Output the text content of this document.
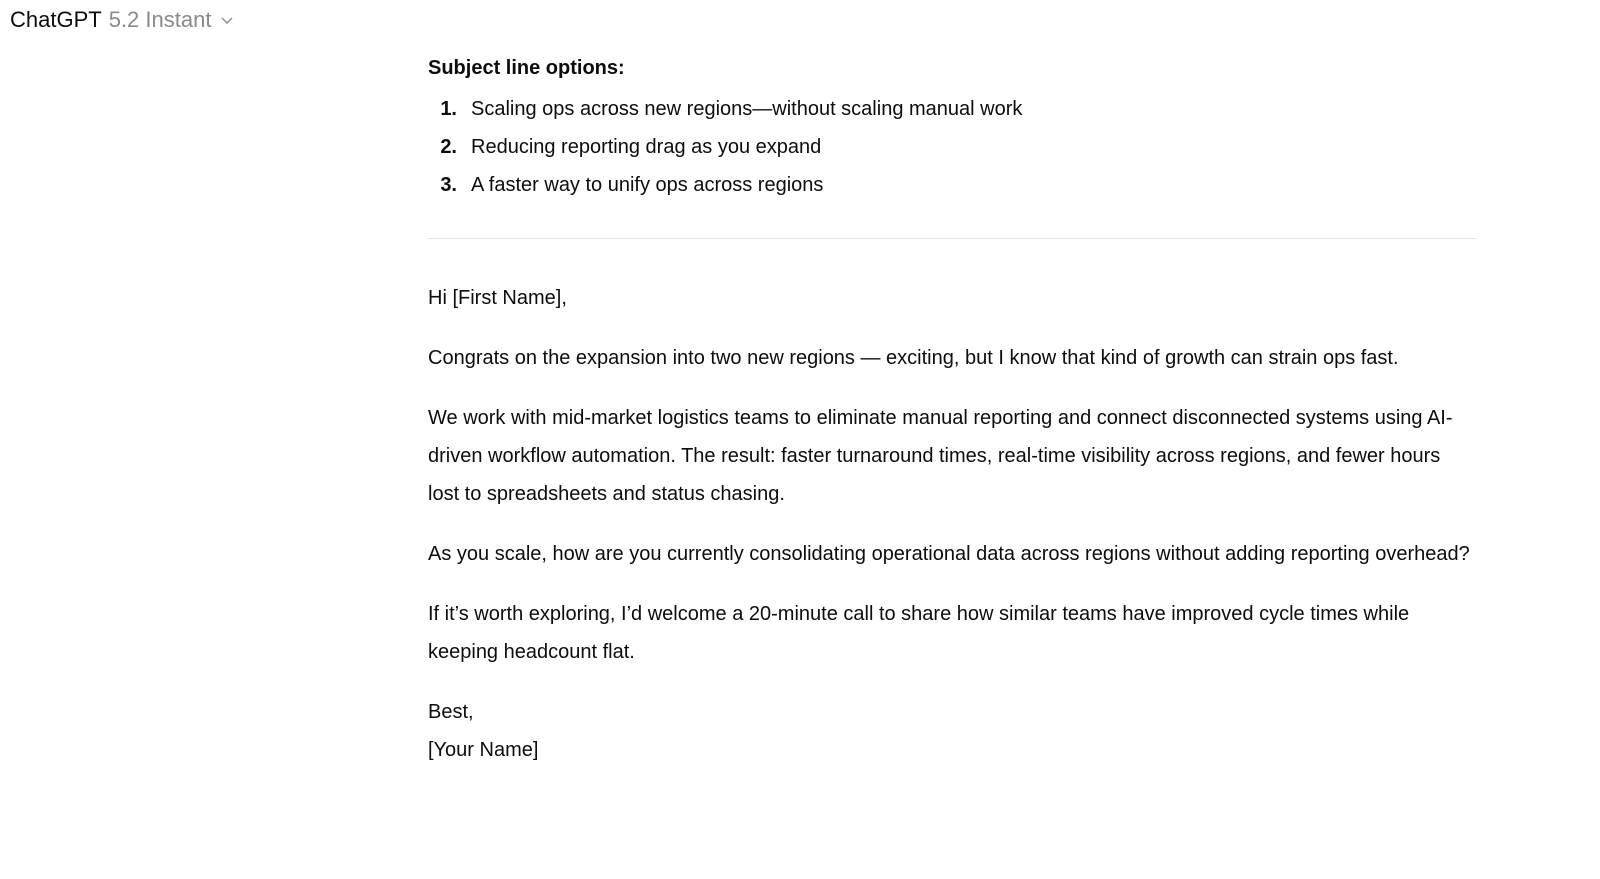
ChatGPT 5.2 Instant
Subject line options:
1. Scaling ops across new regions—without scaling manual work
2. Reducing reporting drag as you expand
3. A faster way to unify ops across regions

Hi [First Name],

Congrats on the expansion into two new regions — exciting, but I know that kind of growth can strain ops fast.

We work with mid-market logistics teams to eliminate manual reporting and connect disconnected systems using AI-driven workflow automation. The result: faster turnaround times, real-time visibility across regions, and fewer hours lost to spreadsheets and status chasing.

As you scale, how are you currently consolidating operational data across regions without adding reporting overhead?

If it’s worth exploring, I’d welcome a 20-minute call to share how similar teams have improved cycle times while keeping headcount flat.

Best,

[Your Name]
